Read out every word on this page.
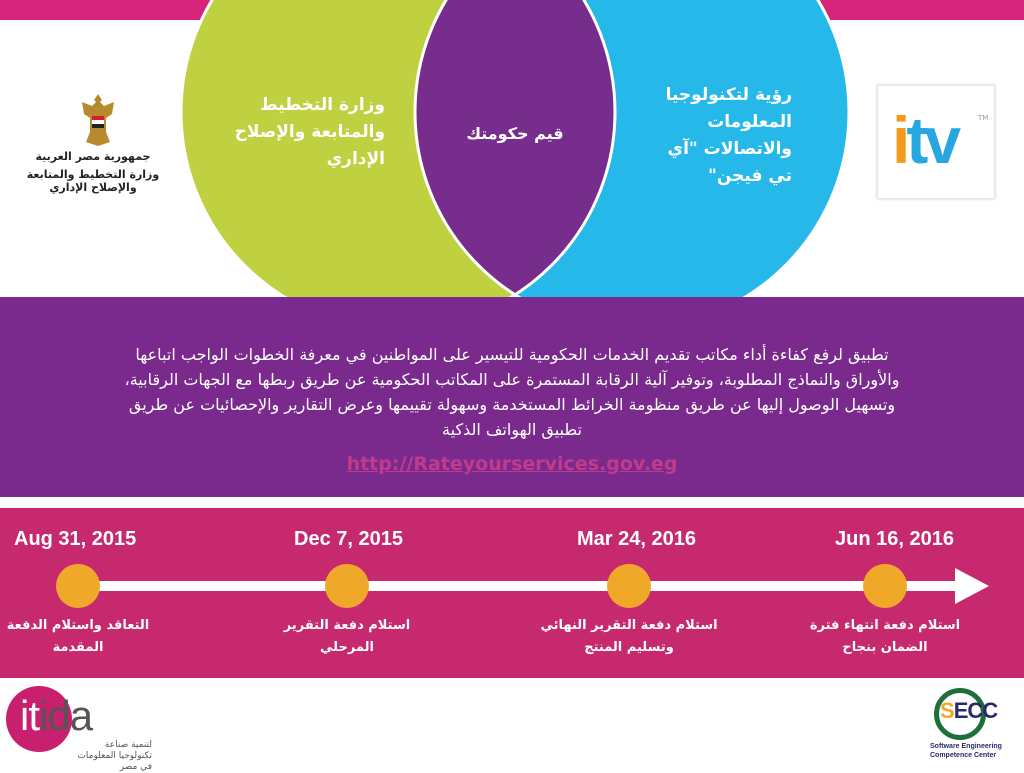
وزارة التخطيط
والمتابعة والإصلاح
الإداري
قيم حكومتك
رؤية لتكنولوجيا
المعلومات
والاتصالات "آي
تي فيجن"
جمهورية مصر العربية
وزارة التخطيط والمتابعة والإصلاح الإداري
itv	TM
تطبيق لرفع كفاءة أداء مكاتب تقديم الخدمات الحكومية للتيسير على المواطنين في معرفة الخطوات الواجب اتباعها
والأوراق والنماذج المطلوبة، وتوفير آلية الرقابة المستمرة على المكاتب الحكومية عن طريق ربطها مع الجهات الرقابية،
وتسهيل الوصول إليها عن طريق منظومة الخرائط المستخدمة وسهولة تقييمها وعرض التقارير والإحصائيات عن طريق
تطبيق الهواتف الذكية
http://Rateyourservices.gov.eg
Aug 31, 2015
التعاقد واستلام الدفعة
المقدمة
Dec 7, 2015
استلام دفعة التقرير
المرحلي
Mar 24, 2016
استلام دفعة التقرير النهائي
وتسليم المنتج
Jun 16, 2016
استلام دفعة انتهاء فترة
الضمان بنجاح
itida
لتنمية صناعة تكنولوجيا المعلومات في مصر
SECC
Software Engineering Competence Center
